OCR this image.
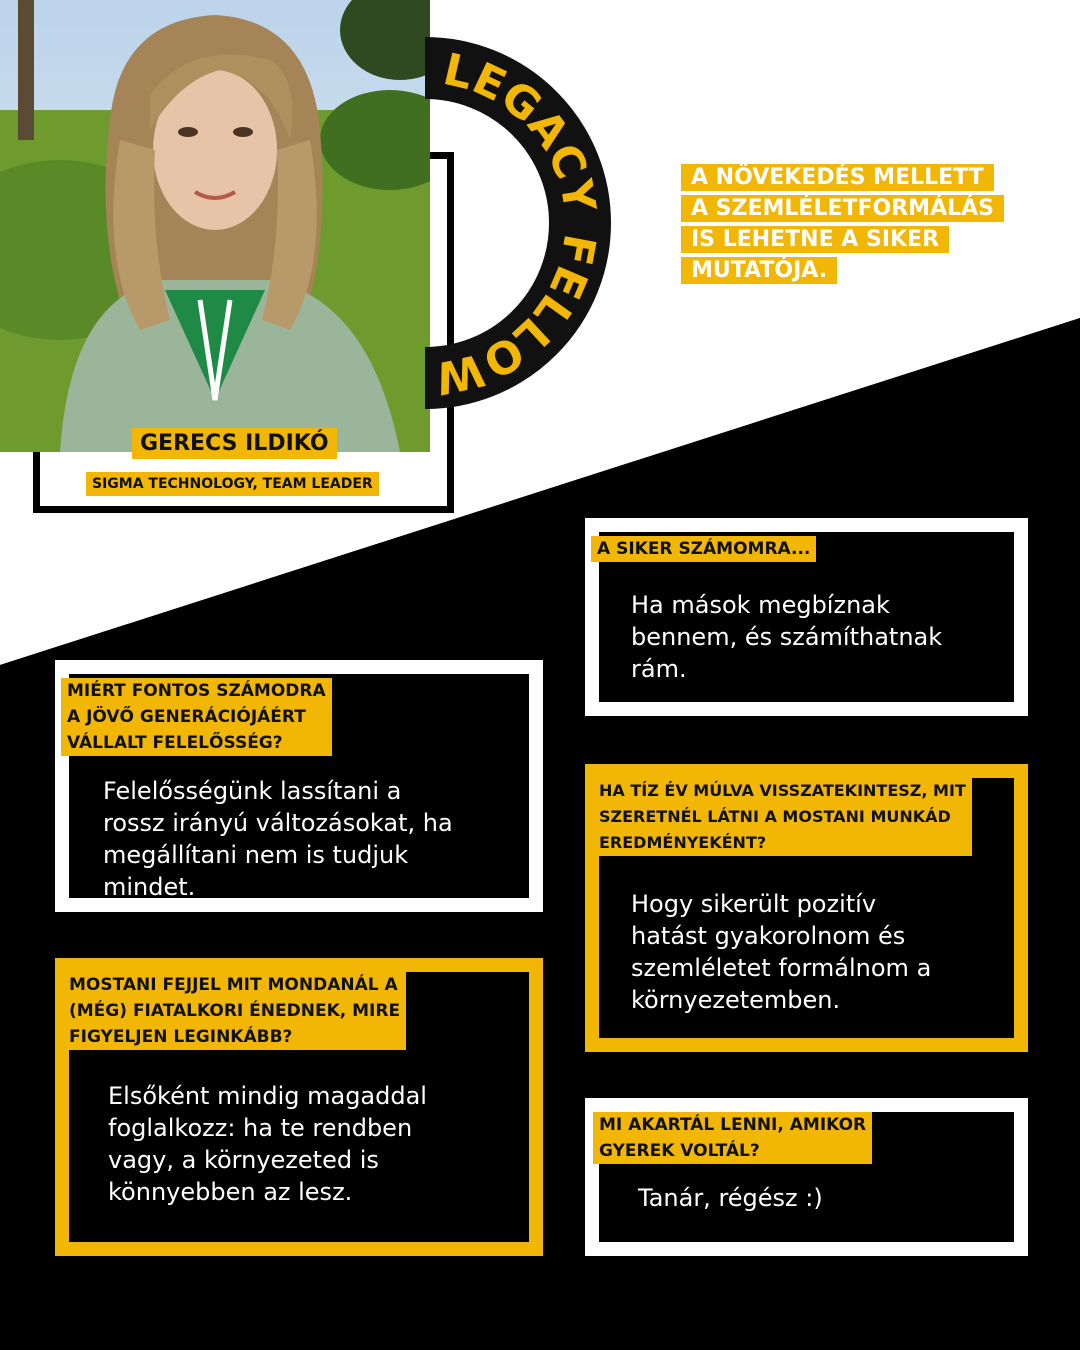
GERECS ILDIKÓ
SIGMA TECHNOLOGY, TEAM LEADER
LEGACY FELLOW
A NÖVEKEDÉS MELLETT
A SZEMLÉLETFORMÁLÁS
IS LEHETNE A SIKER
MUTATÓJA.
A SIKER SZÁMOMRA...
Ha mások megbíznak
bennem, és számíthatnak
rám.
MIÉRT FONTOS SZÁMODRA
A JÖVŐ GENERÁCIÓJÁÉRT
VÁLLALT FELELŐSSÉG?
Felelősségünk lassítani a
rossz irányú változásokat, ha
megállítani nem is tudjuk
mindet.
HA TÍZ ÉV MÚLVA VISSZATEKINTESZ, MIT
SZERETNÉL LÁTNI A MOSTANI MUNKÁD
EREDMÉNYEKÉNT?
Hogy sikerült pozitív
hatást gyakorolnom és
szemléletet formálnom a
környezetemben.
MOSTANI FEJJEL MIT MONDANÁL A
(MÉG) FIATALKORI ÉNEDNEK, MIRE
FIGYELJEN LEGINKÁBB?
Elsőként mindig magaddal
foglalkozz: ha te rendben
vagy, a környezeted is
könnyebben az lesz.
MI AKARTÁL LENNI, AMIKOR
GYEREK VOLTÁL?
Tanár, régész :)
